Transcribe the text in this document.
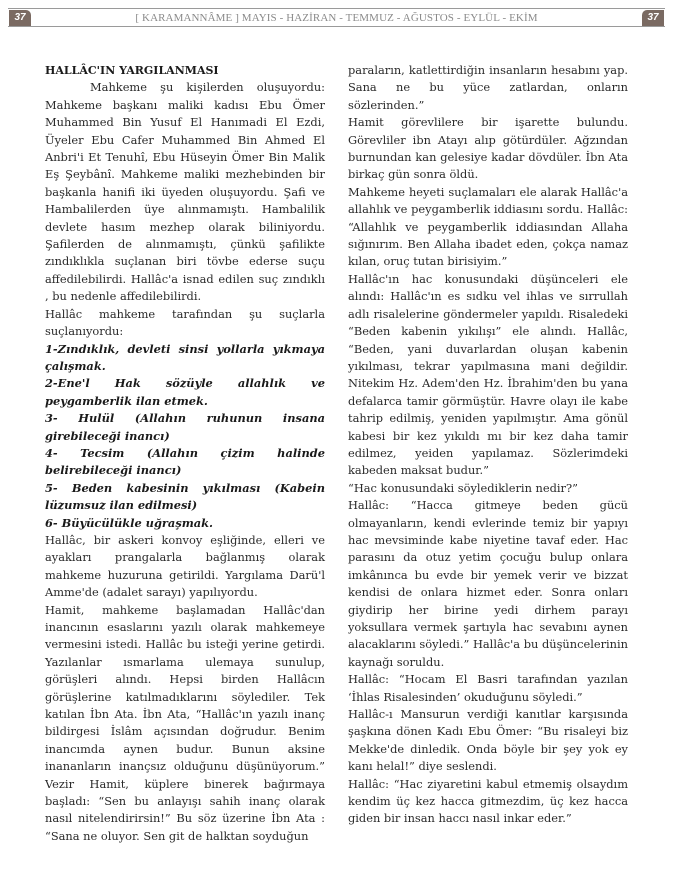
37	[ KARAMANNÂME ] MAYIS - HAZİRAN - TEMMUZ - AĞUSTOS - EYLÜL - EKİM	37

HALLÂC'IN YARGILANMASI

Mahkeme şu kişilerden oluşuyordu: Mahkeme başkanı maliki kadısı Ebu Ömer Muhammed Bin Yusuf El Hanımadi El Ezdi, Üyeler Ebu Cafer Muhammed Bin Ahmed El Anbri'i Et Tenuhî, Ebu Hüseyin Ömer Bin Malik Eş Şeybânî. Mahkeme maliki mezhebinden bir başkanla hanifi iki üyeden oluşuyordu. Şafi ve Hambalilerden üye alınmamıştı. Hambalilik devlete hasım mezhep olarak biliniyordu. Şafilerden de alınmamıştı, çünkü şafilikte zındıklıkla suçlanan biri tövbe ederse suçu affedilebilirdi. Hallâc'a isnad edilen suç zındıklı , bu nedenle affedilebilirdi.

Hallâc mahkeme tarafından şu suçlarla suçlanıyordu:

1-Zındıklık, devleti sinsi yollarla yıkmaya çalışmak.

2-Ene'l Hak sözüyle allahlık ve peygamberlik ilan etmek.

3- Hulül (Allahın ruhunun insana girebileceği inancı)

4- Tecsim (Allahın çizim halinde belirebileceği inancı)

5- Beden kabesinin yıkılması (Kabein lüzumsuz ilan edilmesi)

6- Büyücülükle uğraşmak.

Hallâc, bir askeri konvoy eşliğinde, elleri ve ayakları prangalarla bağlanmış olarak mahkeme huzuruna getirildi. Yargılama Darü'l Amme'de (adalet sarayı) yapılıyordu.

Hamit, mahkeme başlamadan Hallâc'dan inancının esaslarını yazılı olarak mahkemeye vermesini istedi. Hallâc bu isteği yerine getirdi. Yazılanlar ısmarlama ulemaya sunulup, görüşleri alındı. Hepsi birden Hallâcın görüşlerine katılmadıklarını söylediler. Tek katılan İbn Ata. İbn Ata, “Hallâc'ın yazılı inanç bildirgesi İslâm açısından doğrudur. Benim inancımda aynen budur. Bunun aksine inananların inançsız olduğunu düşünüyorum.” Vezir Hamit, küplere binerek bağırmaya başladı: “Sen bu anlayışı sahih inanç olarak nasıl nitelendirirsin!” Bu söz üzerine İbn Ata : “Sana ne oluyor. Sen git de halktan soyduğun

paraların, katlettirdiğin insanların hesabını yap. Sana ne bu yüce zatlardan, onların sözlerinden.”

Hamit görevlilere bir işarette bulundu. Görevliler ibn Atayı alıp götürdüler. Ağzından burnundan kan gelesiye kadar dövdüler. İbn Ata birkaç gün sonra öldü.

Mahkeme heyeti suçlamaları ele alarak Hallâc'a allahlık ve peygamberlik iddiasını sordu. Hallâc: “Allahlık ve peygamberlik iddiasından Allaha sığınırım. Ben Allaha ibadet eden, çokça namaz kılan, oruç tutan birisiyim.”

Hallâc'ın hac konusundaki düşünceleri ele alındı: Hallâc'ın es sıdku vel ihlas ve sırrullah adlı risalelerine göndermeler yapıldı. Risaledeki “Beden kabenin yıkılışı” ele alındı. Hallâc, “Beden, yani duvarlardan oluşan kabenin yıkılması, tekrar yapılmasına mani değildir. Nitekim Hz. Adem'den Hz. İbrahim'den bu yana defalarca tamir görmüştür. Havre olayı ile kabe tahrip edilmiş, yeniden yapılmıştır. Ama gönül kabesi bir kez yıkıldı mı bir kez daha tamir edilmez, yeiden yapılamaz. Sözlerimdeki kabeden maksat budur.”

“Hac konusundaki söylediklerin nedir?”

Hallâc: “Hacca gitmeye beden gücü olmayanların, kendi evlerinde temiz bir yapıyı hac mevsiminde kabe niyetine tavaf eder. Hac parasını da otuz yetim çocuğu bulup onlara imkânınca bu evde bir yemek verir ve bizzat kendisi de onlara hizmet eder. Sonra onları giydirip her birine yedi dirhem parayı yoksullara vermek şartıyla hac sevabını aynen alacaklarını söyledi.” Hallâc'a bu düşüncelerinin kaynağı soruldu.

Hallâc: “Hocam El Basri tarafından yazılan ‘İhlas Risalesinden’ okuduğunu söyledi.”

Hallâc-ı Mansurun verdiği kanıtlar karşısında şaşkına dönen Kadı Ebu Ömer: “Bu risaleyi biz Mekke'de dinledik. Onda böyle bir şey yok ey kanı helal!” diye seslendi.

Hallâc: “Hac ziyaretini kabul etmemiş olsaydım kendim üç kez hacca gitmezdim, üç kez hacca giden bir insan haccı nasıl inkar eder.”
